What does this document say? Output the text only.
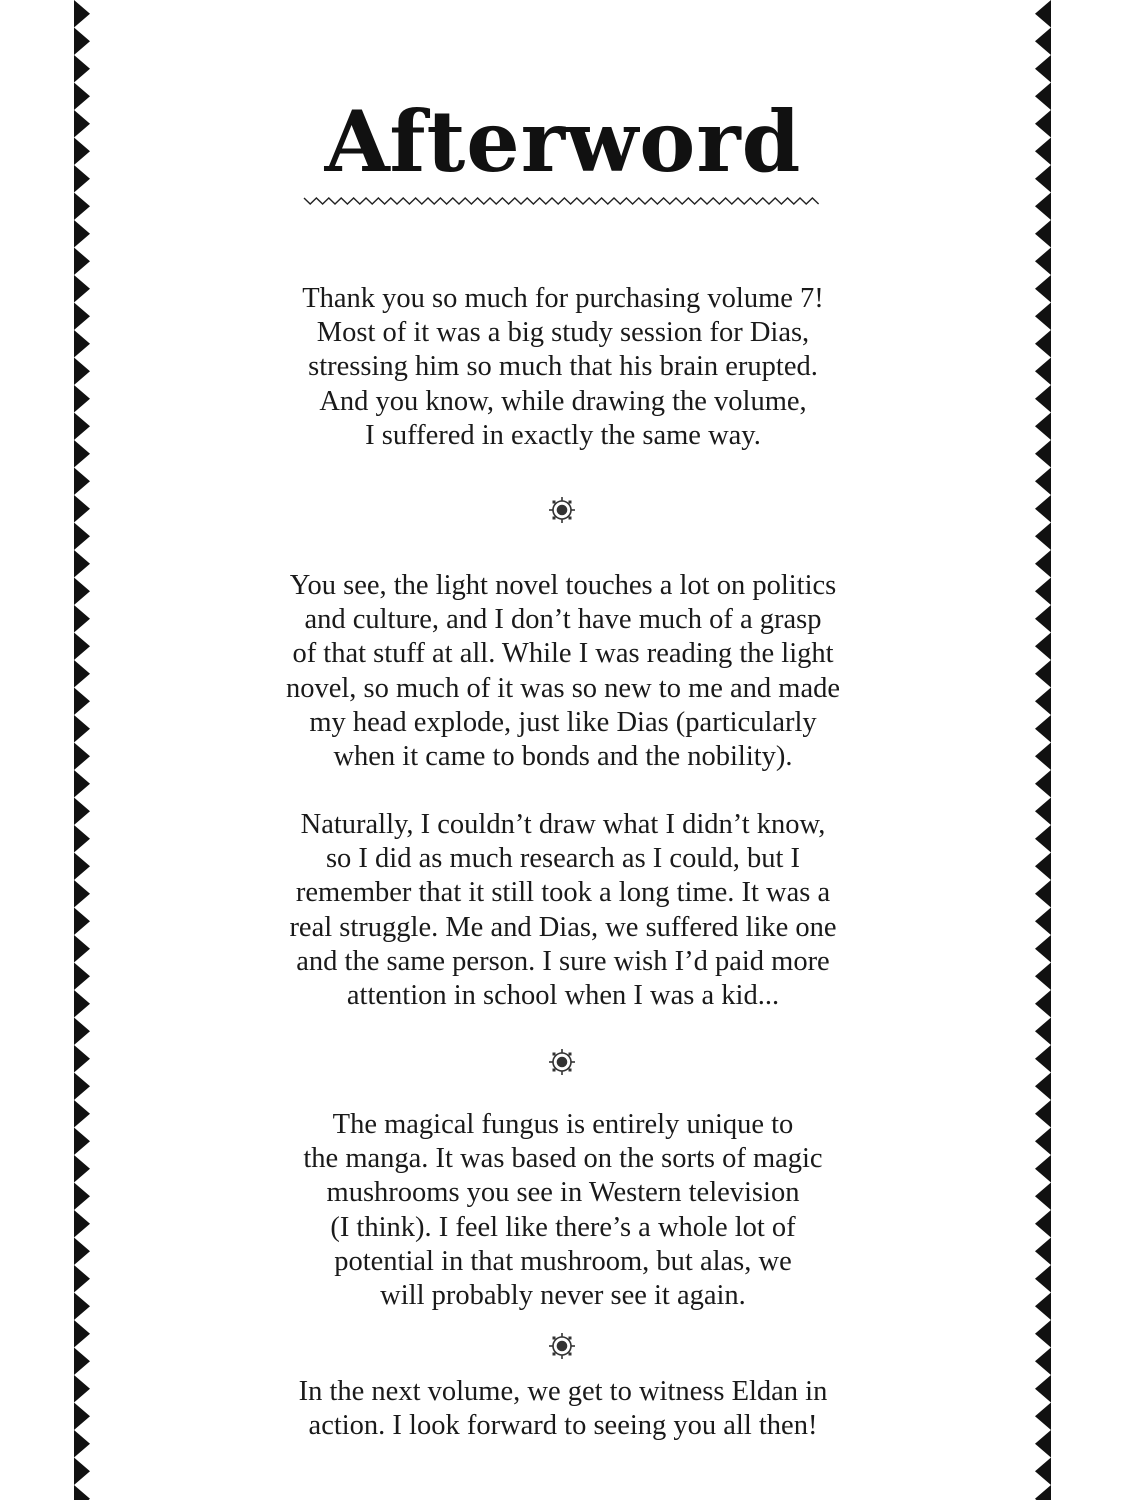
Afterword
Thank you so much for purchasing volume 7!
Most of it was a big study session for Dias,
stressing him so much that his brain erupted.
And you know, while drawing the volume,
I suffered in exactly the same way.
You see, the light novel touches a lot on politics
and culture, and I don’t have much of a grasp
of that stuff at all. While I was reading the light
novel, so much of it was so new to me and made
my head explode, just like Dias (particularly
when it came to bonds and the nobility).
Naturally, I couldn’t draw what I didn’t know,
so I did as much research as I could, but I
remember that it still took a long time. It was a
real struggle. Me and Dias, we suffered like one
and the same person. I sure wish I’d paid more
attention in school when I was a kid...
The magical fungus is entirely unique to
the manga. It was based on the sorts of magic
mushrooms you see in Western television
(I think). I feel like there’s a whole lot of
potential in that mushroom, but alas, we
will probably never see it again.
In the next volume, we get to witness Eldan in
action. I look forward to seeing you all then!
